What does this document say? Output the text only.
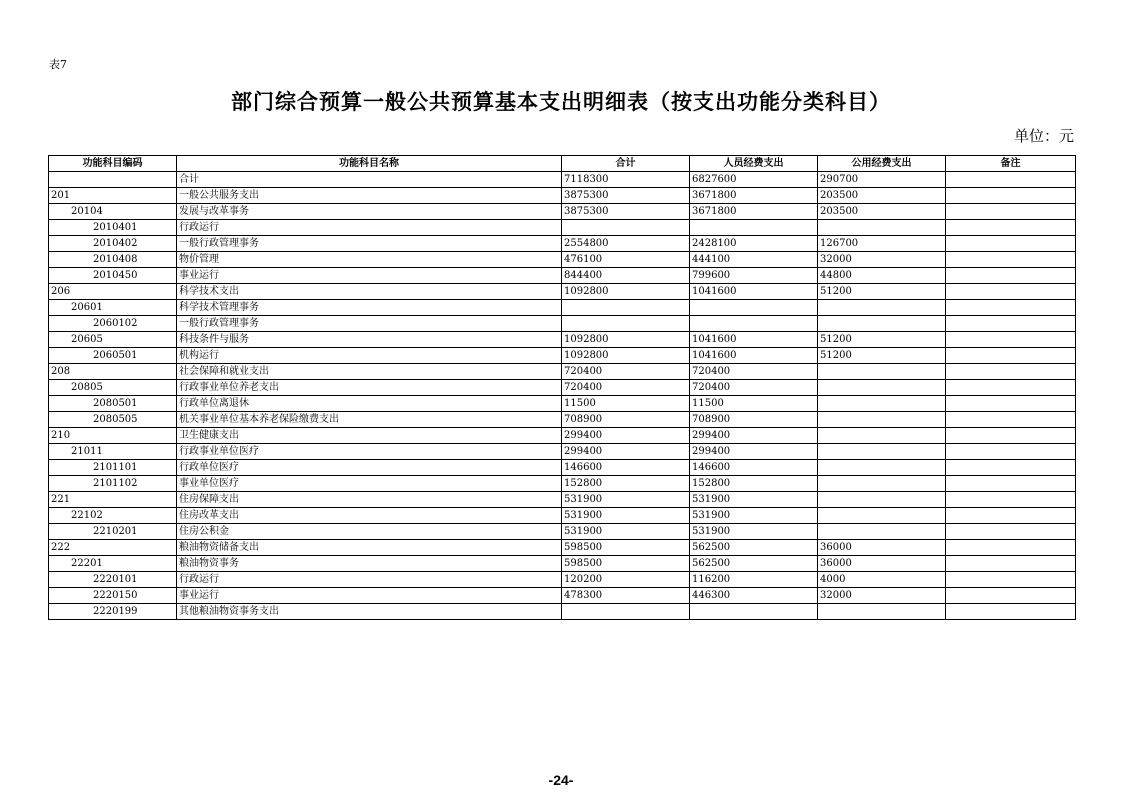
表7
部门综合预算一般公共预算基本支出明细表（按支出功能分类科目）
单位：元
功能科目编码	功能科目名称	合计	人员经费支出	公用经费支出	备注
	合计	7118300	6827600	290700	
201	一般公共服务支出	3875300	3671800	203500	
20104	发展与改革事务	3875300	3671800	203500	
2010401	行政运行				
2010402	一般行政管理事务	2554800	2428100	126700	
2010408	物价管理	476100	444100	32000	
2010450	事业运行	844400	799600	44800	
206	科学技术支出	1092800	1041600	51200	
20601	科学技术管理事务				
2060102	一般行政管理事务				
20605	科技条件与服务	1092800	1041600	51200	
2060501	机构运行	1092800	1041600	51200	
208	社会保障和就业支出	720400	720400		
20805	行政事业单位养老支出	720400	720400		
2080501	行政单位离退休	11500	11500		
2080505	机关事业单位基本养老保险缴费支出	708900	708900		
210	卫生健康支出	299400	299400		
21011	行政事业单位医疗	299400	299400		
2101101	行政单位医疗	146600	146600		
2101102	事业单位医疗	152800	152800		
221	住房保障支出	531900	531900		
22102	住房改革支出	531900	531900		
2210201	住房公积金	531900	531900		
222	粮油物资储备支出	598500	562500	36000	
22201	粮油物资事务	598500	562500	36000	
2220101	行政运行	120200	116200	4000	
2220150	事业运行	478300	446300	32000	
2220199	其他粮油物资事务支出				
-24-
